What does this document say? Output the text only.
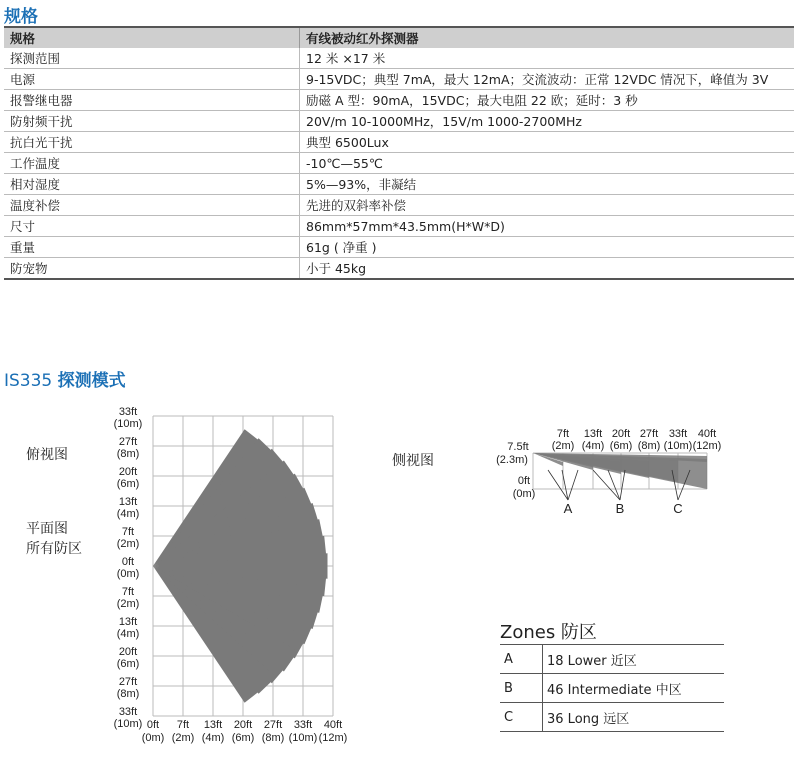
规格
规格	有线被动红外探测器
探测范围	12 米 ×17 米
电源	9-15VDC；典型 7mA，最大 12mA；交流波动：正常 12VDC 情况下，峰值为 3V
报警继电器	励磁 A 型：90mA，15VDC；最大电阻 22 欧；延时：3 秒
防射频干扰	20V/m 10-1000MHz，15V/m 1000-2700MHz
抗白光干扰	典型 6500Lux
工作温度	-10℃—55℃
相对湿度	5%—93%，非凝结
温度补偿	先进的双斜率补偿
尺寸	86mm*57mm*43.5mm(H*W*D)
重量	61g ( 净重 )
防宠物	小于 45kg
IS335 探测模式
俯视图
平面图
所有防区
侧视图
33ft
(10m)
27ft
(8m)
20ft
(6m)
13ft
(4m)
7ft
(2m)
0ft
(0m)
7ft
(2m)
13ft
(4m)
20ft
(6m)
27ft
(8m)
33ft
(10m) 0ft
(0m)
7ft
(2m)
13ft
(4m)
20ft
(6m)
27ft
(8m)
33ft
(10m)
40ft
(12m)
7.5ft
(2.3m)
0ft
(0m)
7ft
(2m)
13ft
(4m)
20ft
(6m)
27ft
(8m)
33ft
(10m)
40ft
(12m)
A	B	C
Zones 防区
A	18 Lower 近区
B	46 Intermediate 中区
C	36 Long 远区
